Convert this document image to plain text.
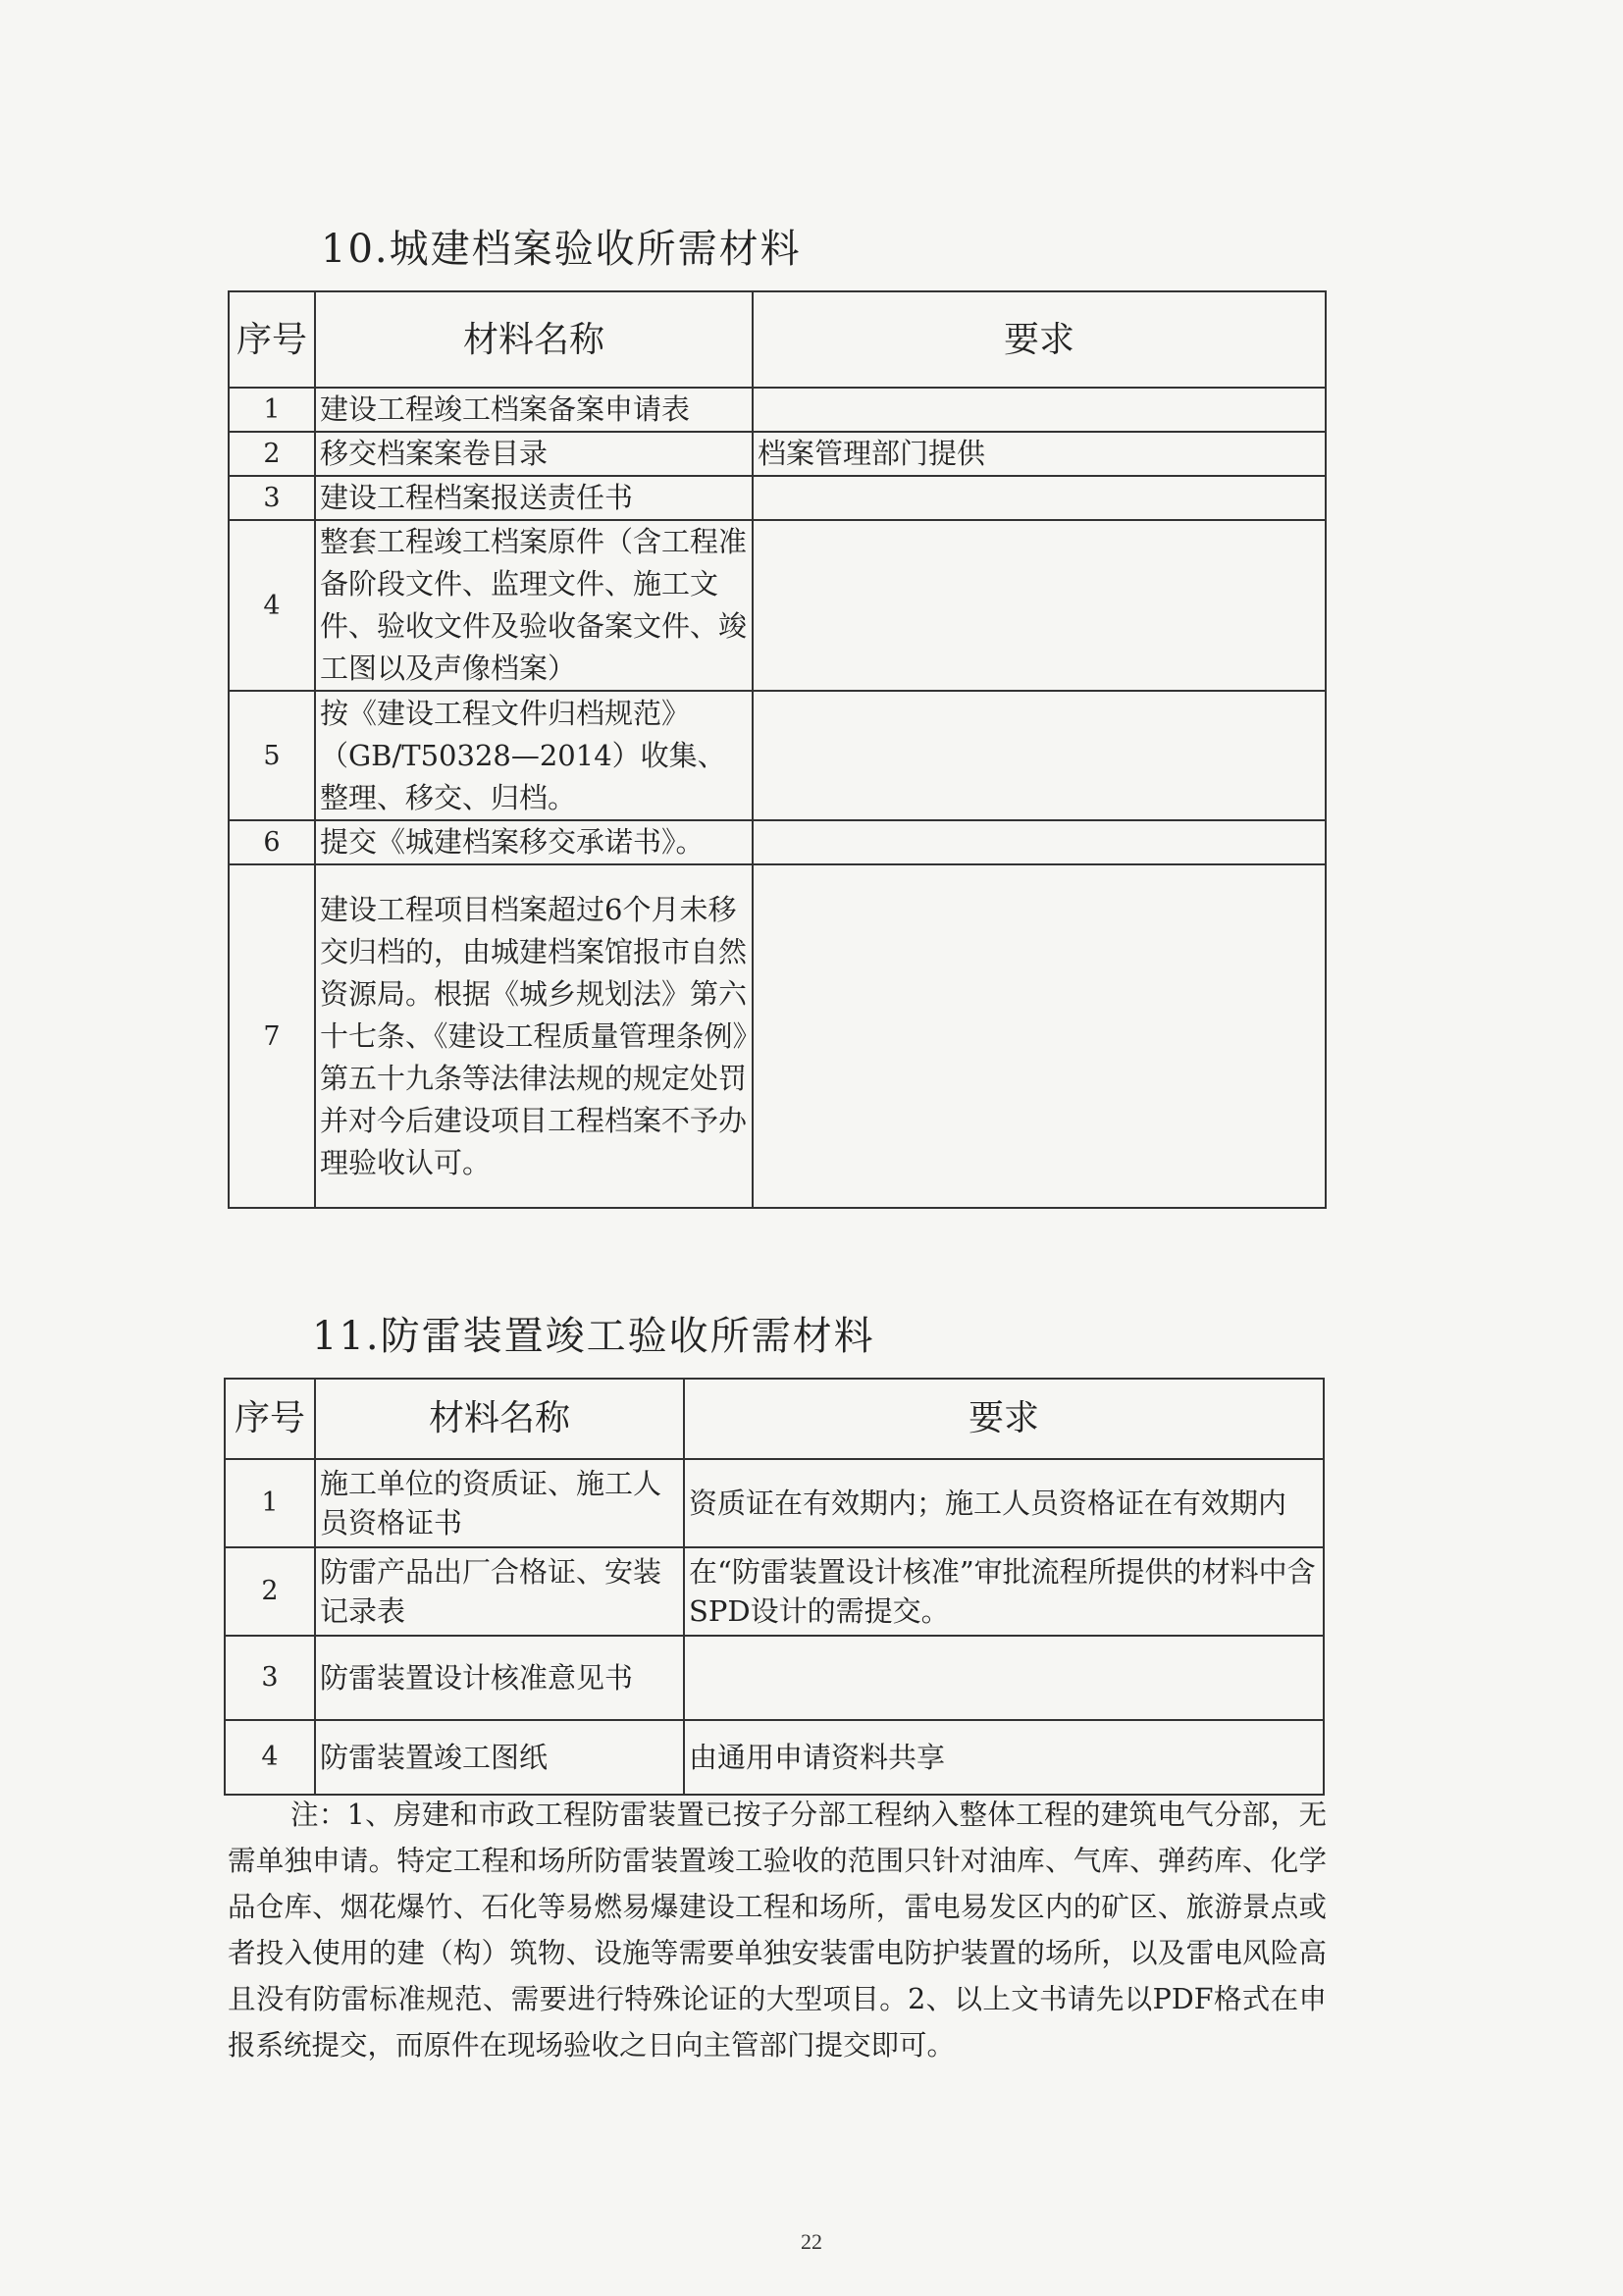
10.城建档案验收所需材料
序号	材料名称	要求
1	建设工程竣工档案备案申请表	
2	移交档案案卷目录	档案管理部门提供
3	建设工程档案报送责任书	
4	整套工程竣工档案原件（含工程准备阶段文件、监理文件、施工文件、验收文件及验收备案文件、竣工图以及声像档案）	
5	按《建设工程文件归档规范》（GB/T50328—2014）收集、整理、移交、归档。	
6	提交《城建档案移交承诺书》。	
7	建设工程项目档案超过6个月未移交归档的，由城建档案馆报市自然资源局。根据《城乡规划法》第六十七条、《建设工程质量管理条例》第五十九条等法律法规的规定处罚并对今后建设项目工程档案不予办理验收认可。	
11.防雷装置竣工验收所需材料
序号	材料名称	要求
1	施工单位的资质证、施工人员资格证书	资质证在有效期内；施工人员资格证在有效期内
2	防雷产品出厂合格证、安装记录表	在“防雷装置设计核准”审批流程所提供的材料中含SPD设计的需提交。
3	防雷装置设计核准意见书	
4	防雷装置竣工图纸	由通用申请资料共享

注：1、房建和市政工程防雷装置已按子分部工程纳入整体工程的建筑电气分部，无需单独申请。特定工程和场所防雷装置竣工验收的范围只针对油库、气库、弹药库、化学品仓库、烟花爆竹、石化等易燃易爆建设工程和场所，雷电易发区内的矿区、旅游景点或者投入使用的建（构）筑物、设施等需要单独安装雷电防护装置的场所，以及雷电风险高且没有防雷标准规范、需要进行特殊论证的大型项目。2、以上文书请先以PDF格式在申报系统提交，而原件在现场验收之日向主管部门提交即可。

22
